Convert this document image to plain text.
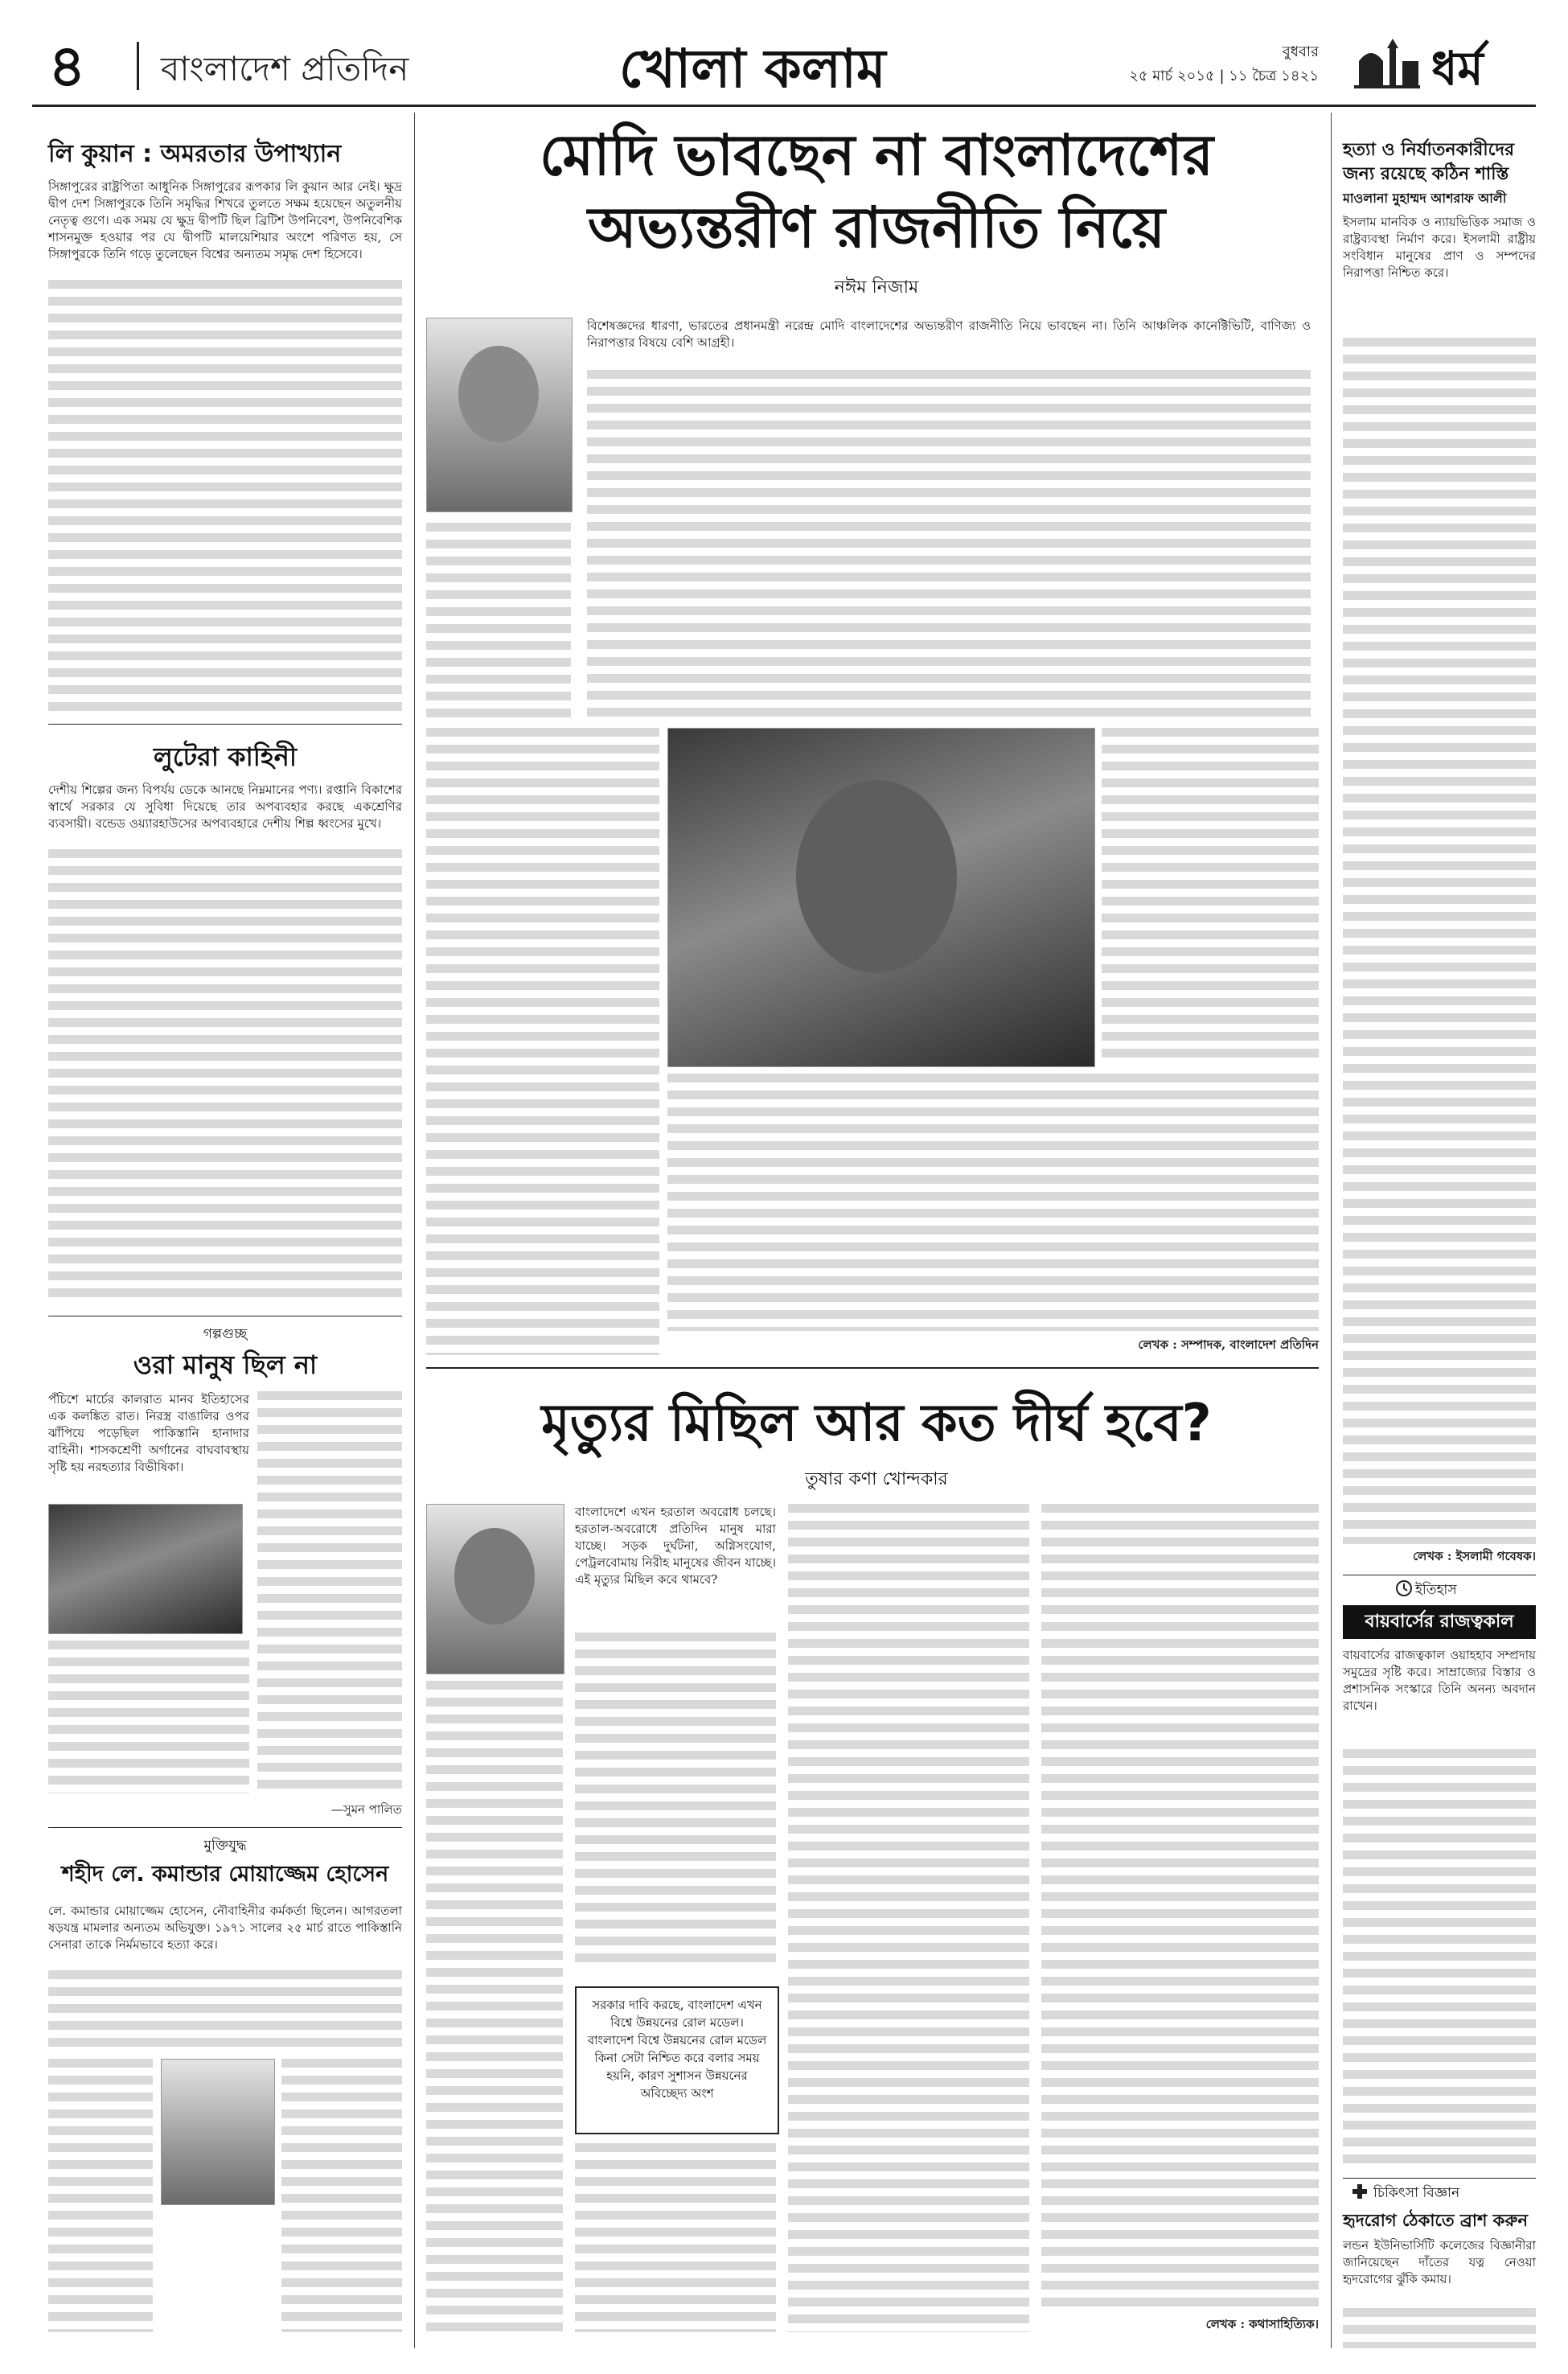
৪ বাংলাদেশ প্রতিদিন	খোলা কলাম	বুধবার
২৫ মার্চ ২০১৫ | ১১ চৈত্র ১৪২১ ধর্ম
লি কুয়ান : অমরতার উপাখ্যান
সিঙ্গাপুরের রাষ্ট্রপিতা আধুনিক সিঙ্গাপুরের রূপকার লি কুয়ান আর নেই। ক্ষুদ্র দ্বীপ দেশ সিঙ্গাপুরকে তিনি সমৃদ্ধির শিখরে তুলতে সক্ষম হয়েছেন অতুলনীয় নেতৃত্ব গুণে। এক সময় যে ক্ষুদ্র দ্বীপটি ছিল ব্রিটিশ উপনিবেশ, উপনিবেশিক শাসনমুক্ত হওয়ার পর যে দ্বীপটি মালয়েশিয়ার অংশে পরিণত হয়, সে সিঙ্গাপুরকে তিনি গড়ে তুলেছেন বিশ্বের অন্যতম সমৃদ্ধ দেশ হিসেবে।
লুটেরা কাহিনী
দেশীয় শিল্পের জন্য বিপর্যয় ডেকে আনছে নিম্নমানের পণ্য। রপ্তানি বিকাশের স্বার্থে সরকার যে সুবিধা দিয়েছে তার অপব্যবহার করছে একশ্রেণির ব্যবসায়ী। বন্ডেড ওয়্যারহাউসের অপব্যবহারে দেশীয় শিল্প ধ্বংসের মুখে।
গল্পগুচ্ছ
ওরা মানুষ ছিল না
পঁচিশে মার্চের কালরাত মানব ইতিহাসের এক কলঙ্কিত রাত। নিরস্ত্র বাঙালির ওপর ঝাঁপিয়ে পড়েছিল পাকিস্তানি হানাদার বাহিনী। শাসকশ্রেণী অর্গানের বাঘবাবস্থায় সৃষ্টি হয় নরহত্যার বিভীষিকা।
—সুমন পালিত
মুক্তিযুদ্ধ
শহীদ লে. কমান্ডার মোয়াজ্জেম হোসেন
লে. কমান্ডার মোয়াজ্জেম হোসেন, নৌবাহিনীর কর্মকর্তা ছিলেন। আগরতলা ষড়যন্ত্র মামলার অন্যতম অভিযুক্ত। ১৯৭১ সালের ২৫ মার্চ রাতে পাকিস্তানি সেনারা তাকে নির্মমভাবে হত্যা করে।
মোদি ভাবছেন না বাংলাদেশের
অভ্যন্তরীণ রাজনীতি নিয়ে
নঈম নিজাম
বিশেষজ্ঞদের ধারণা, ভারতের প্রধানমন্ত্রী নরেন্দ্র মোদি বাংলাদেশের অভ্যন্তরীণ রাজনীতি নিয়ে ভাবছেন না। তিনি আঞ্চলিক কানেক্টিভিটি, বাণিজ্য ও নিরাপত্তার বিষয়ে বেশি আগ্রহী।
লেখক : সম্পাদক, বাংলাদেশ প্রতিদিন
মৃত্যুর মিছিল আর কত দীর্ঘ হবে?
তুষার কণা খোন্দকার
বাংলাদেশে এখন হরতাল অবরোধ চলছে। হরতাল-অবরোধে প্রতিদিন মানুষ মারা যাচ্ছে। সড়ক দুর্ঘটনা, অগ্নিসংযোগ, পেট্রলবোমায় নিরীহ মানুষের জীবন যাচ্ছে। এই মৃত্যুর মিছিল কবে থামবে?
সরকার দাবি করছে, বাংলাদেশ এখন বিশ্বে উন্নয়নের রোল মডেল। বাংলাদেশ বিশ্বে উন্নয়নের রোল মডেল কিনা সেটা নিশ্চিত করে বলার সময় হয়নি, কারণ সুশাসন উন্নয়নের অবিচ্ছেদ্য অংশ
লেখক : কথাসাহিত্যিক।
হত্যা ও নির্যাতনকারীদের জন্য রয়েছে কঠিন শাস্তি
মাওলানা মুহাম্মদ আশরাফ আলী
ইসলাম মানবিক ও ন্যায়ভিত্তিক সমাজ ও রাষ্ট্রব্যবস্থা নির্মাণ করে। ইসলামী রাষ্ট্রীয় সংবিধান মানুষের প্রাণ ও সম্পদের নিরাপত্তা নিশ্চিত করে।
লেখক : ইসলামী গবেষক।
ইতিহাস
বায়বার্সের রাজত্বকাল
বায়বার্সের রাজত্বকাল ওয়াহহাব সম্প্রদায় সমুদ্রের সৃষ্টি করে। সাম্রাজ্যের বিস্তার ও প্রশাসনিক সংস্কারে তিনি অনন্য অবদান রাখেন।
চিকিৎসা বিজ্ঞান
হৃদরোগ ঠেকাতে ব্রাশ করুন
লন্ডন ইউনিভার্সিটি কলেজের বিজ্ঞানীরা জানিয়েছেন দাঁতের যত্ন নেওয়া হৃদরোগের ঝুঁকি কমায়।
